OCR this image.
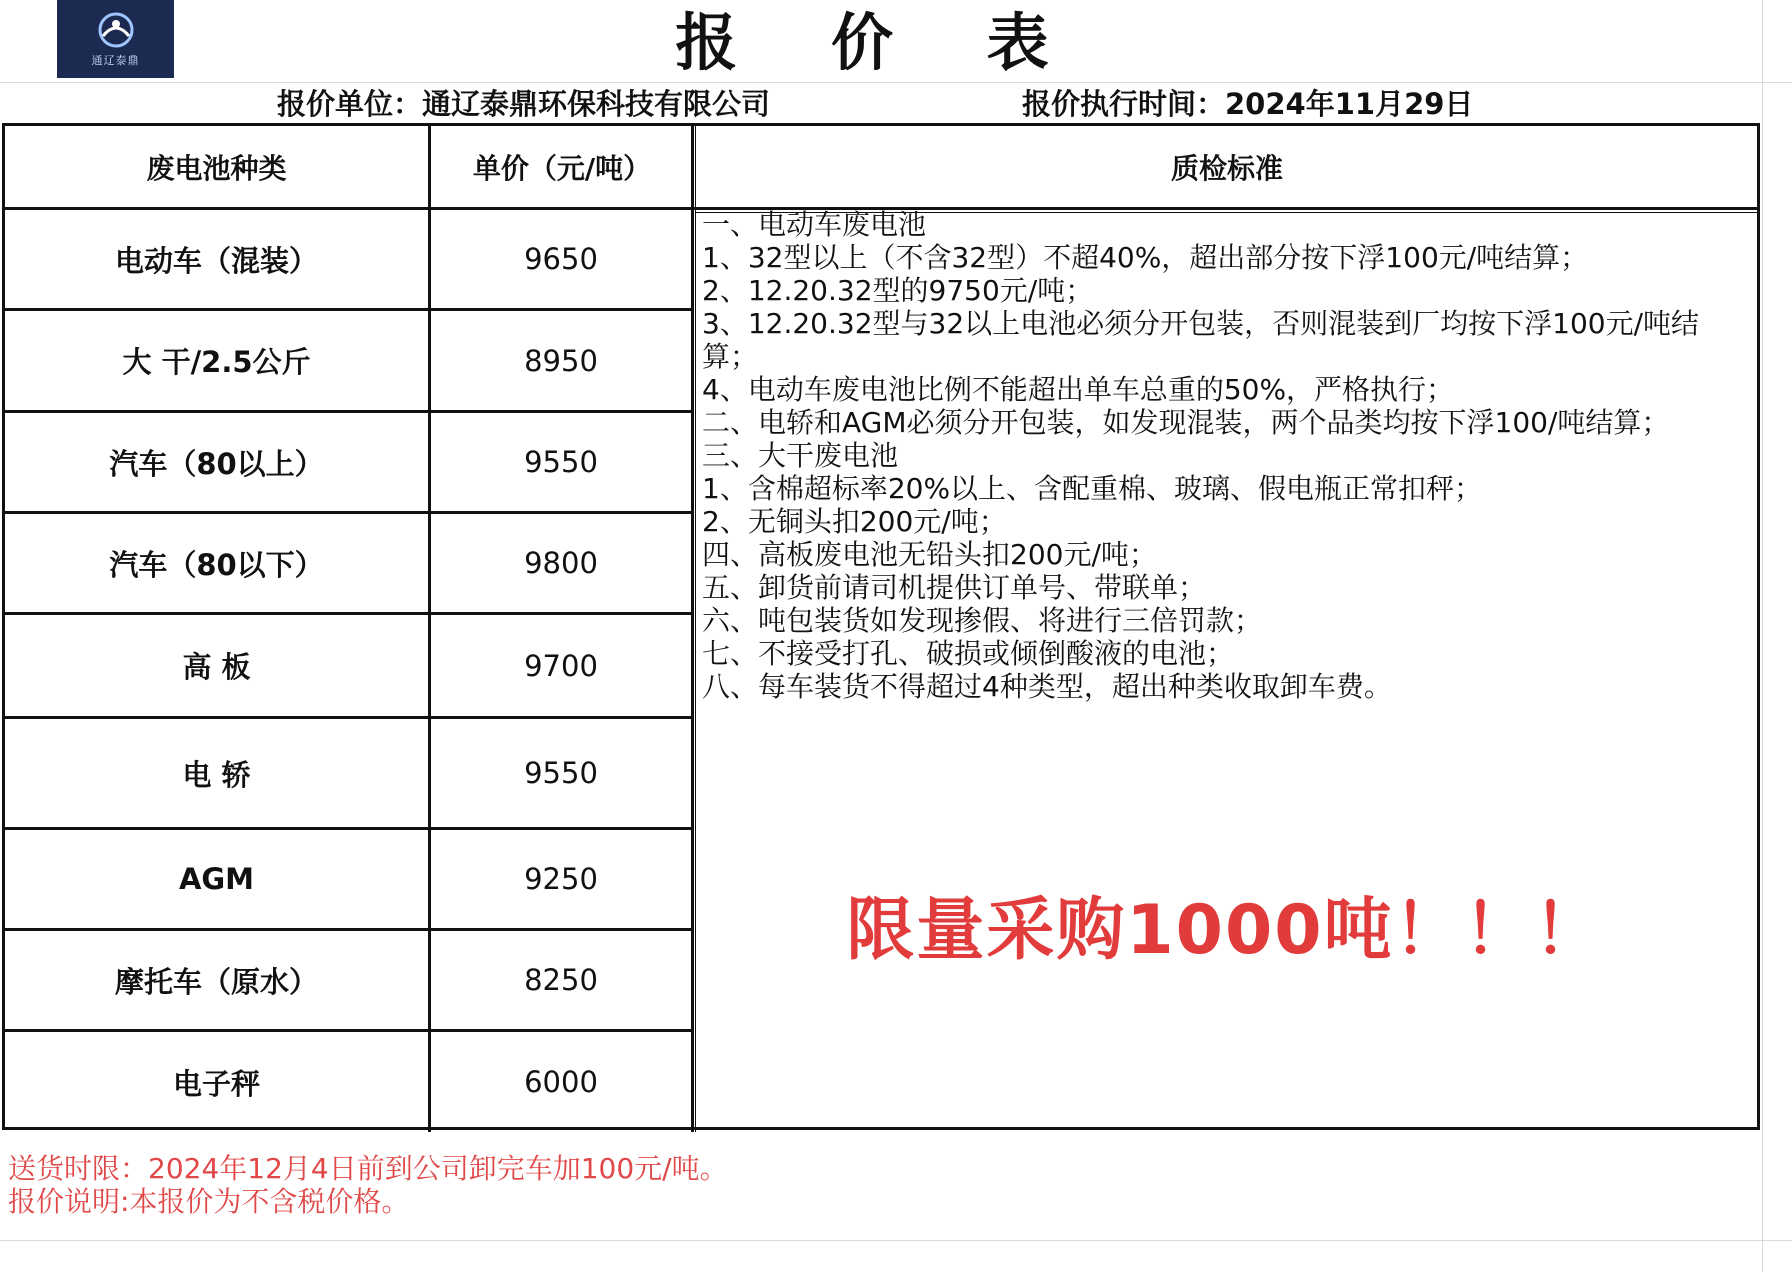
通辽泰鼎	报 价 表
报价单位：通辽泰鼎环保科技有限公司	报价执行时间：2024年11月29日
废电池种类	单价（元/吨）	质检标准
电动车（混装）	9650
大 干/2.5公斤	8950
汽车（80以上）	9550
汽车（80以下）	9800
高 板	9700
电 轿	9550
AGM	9250
摩托车（原水）	8250
电子秤	6000
一、电动车废电池
1、32型以上（不含32型）不超40%，超出部分按下浮100元/吨结算；
2、12.20.32型的9750元/吨；
3、12.20.32型与32以上电池必须分开包装，否则混装到厂均按下浮100元/吨结算；
4、电动车废电池比例不能超出单车总重的50%，严格执行；
二、电轿和AGM必须分开包装，如发现混装，两个品类均按下浮100/吨结算；
三、大干废电池
1、含棉超标率20%以上、含配重棉、玻璃、假电瓶正常扣秤；
2、无铜头扣200元/吨；
四、高板废电池无铅头扣200元/吨；
五、卸货前请司机提供订单号、带联单；
六、吨包装货如发现掺假、将进行三倍罚款；
七、不接受打孔、破损或倾倒酸液的电池；
八、每车装货不得超过4种类型，超出种类收取卸车费。
限量采购1000吨！！！
送货时限：2024年12月4日前到公司卸完车加100元/吨。
报价说明:本报价为不含税价格。
